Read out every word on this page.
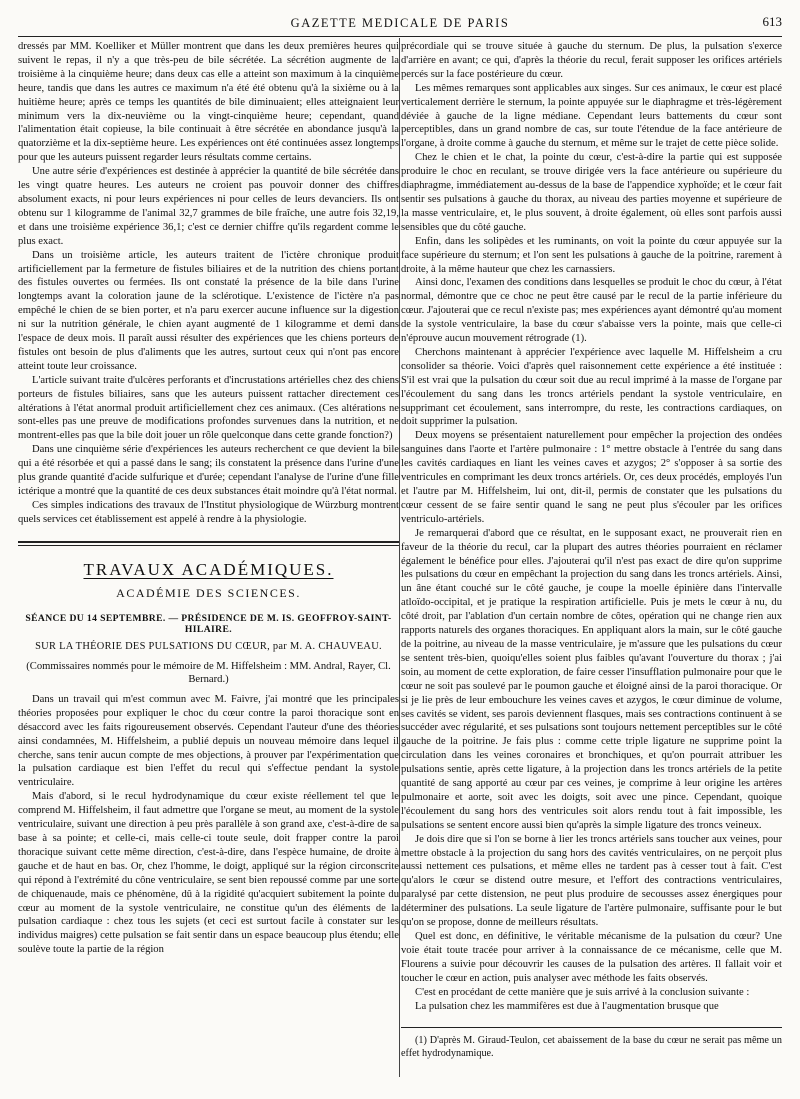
GAZETTE MEDICALE DE PARIS	613

dressés par MM. Koelliker et Müller montrent que dans les deux premières heures qui suivent le repas, il n'y a que très-peu de bile sécrétée. La sécrétion augmente de la troisième à la cinquième heure; dans deux cas elle a atteint son maximum à la cinquième heure, tandis que dans les autres ce maximum n'a été été obtenu qu'à la sixième ou à la huitième heure; après ce temps les quantités de bile diminuaient; elles atteignaient leur minimum vers la dix-neuvième ou la vingt-cinquième heure; cependant, quand l'alimentation était copieuse, la bile continuait à être sécrétée en abondance jusqu'à la quatorzième et la dix-septième heure. Les expériences ont été continuées assez longtemps pour que les auteurs puissent regarder leurs résultats comme certains.

Une autre série d'expériences est destinée à apprécier la quantité de bile sécrétée dans les vingt quatre heures. Les auteurs ne croient pas pouvoir donner des chiffres absolument exacts, ni pour leurs expériences ni pour celles de leurs devanciers. Ils ont obtenu sur 1 kilogramme de l'animal 32,7 grammes de bile fraîche, une autre fois 32,19, et dans une troisième expérience 36,1; c'est ce dernier chiffre qu'ils regardent comme le plus exact.

Dans un troisième article, les auteurs traitent de l'ictère chronique produit artificiellement par la fermeture de fistules biliaires et de la nutrition des chiens portant des fistules ouvertes ou fermées. Ils ont constaté la présence de la bile dans l'urine longtemps avant la coloration jaune de la sclérotique. L'existence de l'ictère n'a pas empêché le chien de se bien porter, et n'a paru exercer aucune influence sur la digestion ni sur la nutrition générale, le chien ayant augmenté de 1 kilogramme et demi dans l'espace de deux mois. Il paraît aussi résulter des expériences que les chiens porteurs de fistules ont besoin de plus d'aliments que les autres, surtout ceux qui n'ont pas encore atteint toute leur croissance.

L'article suivant traite d'ulcères perforants et d'incrustations artérielles chez des chiens porteurs de fistules biliaires, sans que les auteurs puissent rattacher directement ces altérations à l'état anormal produit artificiellement chez ces animaux. (Ces altérations ne sont-elles pas une preuve de modifications profondes survenues dans la nutrition, et ne montrent-elles pas que la bile doit jouer un rôle quelconque dans cette grande fonction?)

Dans une cinquième série d'expériences les auteurs recherchent ce que devient la bile qui a été résorbée et qui a passé dans le sang; ils constatent la présence dans l'urine d'une plus grande quantité d'acide sulfurique et d'urée; cependant l'analyse de l'urine d'une fille ictérique a montré que la quantité de ces deux substances était moindre qu'à l'état normal.

Ces simples indications des travaux de l'Institut physiologique de Würzburg montrent quels services cet établissement est appelé à rendre à la physiologie.

TRAVAUX ACADÉMIQUES.
ACADÉMIE DES SCIENCES.
SÉANCE DU 14 SEPTEMBRE. — PRÉSIDENCE DE M. IS. GEOFFROY-SAINT-HILAIRE.
SUR LA THÉORIE DES PULSATIONS DU CŒUR, par M. A. CHAUVEAU.
(Commissaires nommés pour le mémoire de M. Hiffelsheim : MM. Andral, Rayer, Cl. Bernard.)

Dans un travail qui m'est commun avec M. Faivre, j'ai montré que les principales théories proposées pour expliquer le choc du cœur contre la paroi thoracique sont en désaccord avec les faits rigoureusement observés. Cependant l'auteur d'une des théories ainsi condamnées, M. Hiffelsheim, a publié depuis un nouveau mémoire dans lequel il cherche, sans tenir aucun compte de mes objections, à prouver par l'expérimentation que la pulsation cardiaque est bien l'effet du recul qui s'effectue pendant la systole ventriculaire.

Mais d'abord, si le recul hydrodynamique du cœur existe réellement tel que le comprend M. Hiffelsheim, il faut admettre que l'organe se meut, au moment de la systole ventriculaire, suivant une direction à peu près parallèle à son grand axe, c'est-à-dire de sa base à sa pointe; et celle-ci, mais celle-ci toute seule, doit frapper contre la paroi thoracique suivant cette même direction, c'est-à-dire, dans l'espèce humaine, de droite à gauche et de haut en bas. Or, chez l'homme, le doigt, appliqué sur la région circonscrite qui répond à l'extrémité du cône ventriculaire, se sent bien repoussé comme par une sorte de chiquenaude, mais ce phénomène, dû à la rigidité qu'acquiert subitement la pointe du cœur au moment de la systole ventriculaire, ne constitue qu'un des éléments de la pulsation cardiaque : chez tous les sujets (et ceci est surtout facile à constater sur les individus maigres) cette pulsation se fait sentir dans un espace beaucoup plus étendu; elle soulève toute la partie de la région

précordiale qui se trouve située à gauche du sternum. De plus, la pulsation s'exerce d'arrière en avant; ce qui, d'après la théorie du recul, ferait supposer les orifices artériels percés sur la face postérieure du cœur.

Les mêmes remarques sont applicables aux singes. Sur ces animaux, le cœur est placé verticalement derrière le sternum, la pointe appuyée sur le diaphragme et très-légèrement déviée à gauche de la ligne médiane. Cependant leurs battements du cœur sont perceptibles, dans un grand nombre de cas, sur toute l'étendue de la face antérieure de l'organe, à droite comme à gauche du sternum, et même sur le trajet de cette pièce solide.

Chez le chien et le chat, la pointe du cœur, c'est-à-dire la partie qui est supposée produire le choc en reculant, se trouve dirigée vers la face antérieure ou supérieure du diaphragme, immédiatement au-dessus de la base de l'appendice xyphoïde; et le cœur fait sentir ses pulsations à gauche du thorax, au niveau des parties moyenne et supérieure de la masse ventriculaire, et, le plus souvent, à droite également, où elles sont parfois aussi sensibles que du côté gauche.

Enfin, dans les solipèdes et les ruminants, on voit la pointe du cœur appuyée sur la face supérieure du sternum; et l'on sent les pulsations à gauche de la poitrine, rarement à droite, à la même hauteur que chez les carnassiers.

Ainsi donc, l'examen des conditions dans lesquelles se produit le choc du cœur, à l'état normal, démontre que ce choc ne peut être causé par le recul de la partie inférieure du cœur. J'ajouterai que ce recul n'existe pas; mes expériences ayant démontré qu'au moment de la systole ventriculaire, la base du cœur s'abaisse vers la pointe, mais que celle-ci n'éprouve aucun mouvement rétrograde (1).

Cherchons maintenant à apprécier l'expérience avec laquelle M. Hiffelsheim a cru consolider sa théorie. Voici d'après quel raisonnement cette expérience a été instituée : S'il est vrai que la pulsation du cœur soit due au recul imprimé à la masse de l'organe par l'écoulement du sang dans les troncs artériels pendant la systole ventriculaire, en supprimant cet écoulement, sans interrompre, du reste, les contractions cardiaques, on doit supprimer la pulsation.

Deux moyens se présentaient naturellement pour empêcher la projection des ondées sanguines dans l'aorte et l'artère pulmonaire : 1° mettre obstacle à l'entrée du sang dans les cavités cardiaques en liant les veines caves et azygos; 2° s'opposer à sa sortie des ventricules en comprimant les deux troncs artériels. Or, ces deux procédés, employés l'un et l'autre par M. Hiffelsheim, lui ont, dit-il, permis de constater que les pulsations du cœur cessent de se faire sentir quand le sang ne peut plus s'écouler par les orifices ventriculo-artériels.

Je remarquerai d'abord que ce résultat, en le supposant exact, ne prouverait rien en faveur de la théorie du recul, car la plupart des autres théories pourraient en réclamer également le bénéfice pour elles. J'ajouterai qu'il n'est pas exact de dire qu'on supprime les pulsations du cœur en empêchant la projection du sang dans les troncs artériels. Ainsi, un âne étant couché sur le côté gauche, je coupe la moelle épinière dans l'intervalle atloïdo-occipital, et je pratique la respiration artificielle. Puis je mets le cœur à nu, du côté droit, par l'ablation d'un certain nombre de côtes, opération qui ne change rien aux rapports naturels des organes thoraciques. En appliquant alors la main, sur le côté gauche de la poitrine, au niveau de la masse ventriculaire, je m'assure que les pulsations du cœur se sentent très-bien, quoiqu'elles soient plus faibles qu'avant l'ouverture du thorax ; j'ai soin, au moment de cette exploration, de faire cesser l'insufflation pulmonaire pour que le cœur ne soit pas soulevé par le poumon gauche et éloigné ainsi de la paroi thoracique. Or si je lie près de leur embouchure les veines caves et azygos, le cœur diminue de volume, ses cavités se vident, ses parois deviennent flasques, mais ses contractions continuent à se succéder avec régularité, et ses pulsations sont toujours nettement perceptibles sur le côté gauche de la poitrine. Je fais plus : comme cette triple ligature ne supprime point la circulation dans les veines coronaires et bronchiques, et qu'on pourrait attribuer les pulsations sentie, après cette ligature, à la projection dans les troncs artériels de la petite quantité de sang apporté au cœur par ces veines, je comprime à leur origine les artères pulmonaire et aorte, soit avec les doigts, soit avec une pince. Cependant, quoique l'écoulement du sang hors des ventricules soit alors rendu tout à fait impossible, les pulsations se sentent encore aussi bien qu'après la simple ligature des troncs veineux.

Je dois dire que si l'on se borne à lier les troncs artériels sans toucher aux veines, pour mettre obstacle à la projection du sang hors des cavités ventriculaires, on ne perçoit plus aussi nettement ces pulsations, et même elles ne tardent pas à cesser tout à fait. C'est qu'alors le cœur se distend outre mesure, et l'effort des contractions ventriculaires, paralysé par cette distension, ne peut plus produire de secousses assez énergiques pour déterminer des pulsations. La seule ligature de l'artère pulmonaire, suffisante pour le but qu'on se propose, donne de meilleurs résultats.

Quel est donc, en définitive, le véritable mécanisme de la pulsation du cœur? Une voie était toute tracée pour arriver à la connaissance de ce mécanisme, celle que M. Flourens a suivie pour découvrir les causes de la pulsation des artères. Il fallait voir et toucher le cœur en action, puis analyser avec méthode les faits observés.

C'est en procédant de cette manière que je suis arrivé à la conclusion suivante :

La pulsation chez les mammifères est due à l'augmentation brusque que

(1) D'après M. Giraud-Teulon, cet abaissement de la base du cœur ne serait pas même un effet hydrodynamique.
